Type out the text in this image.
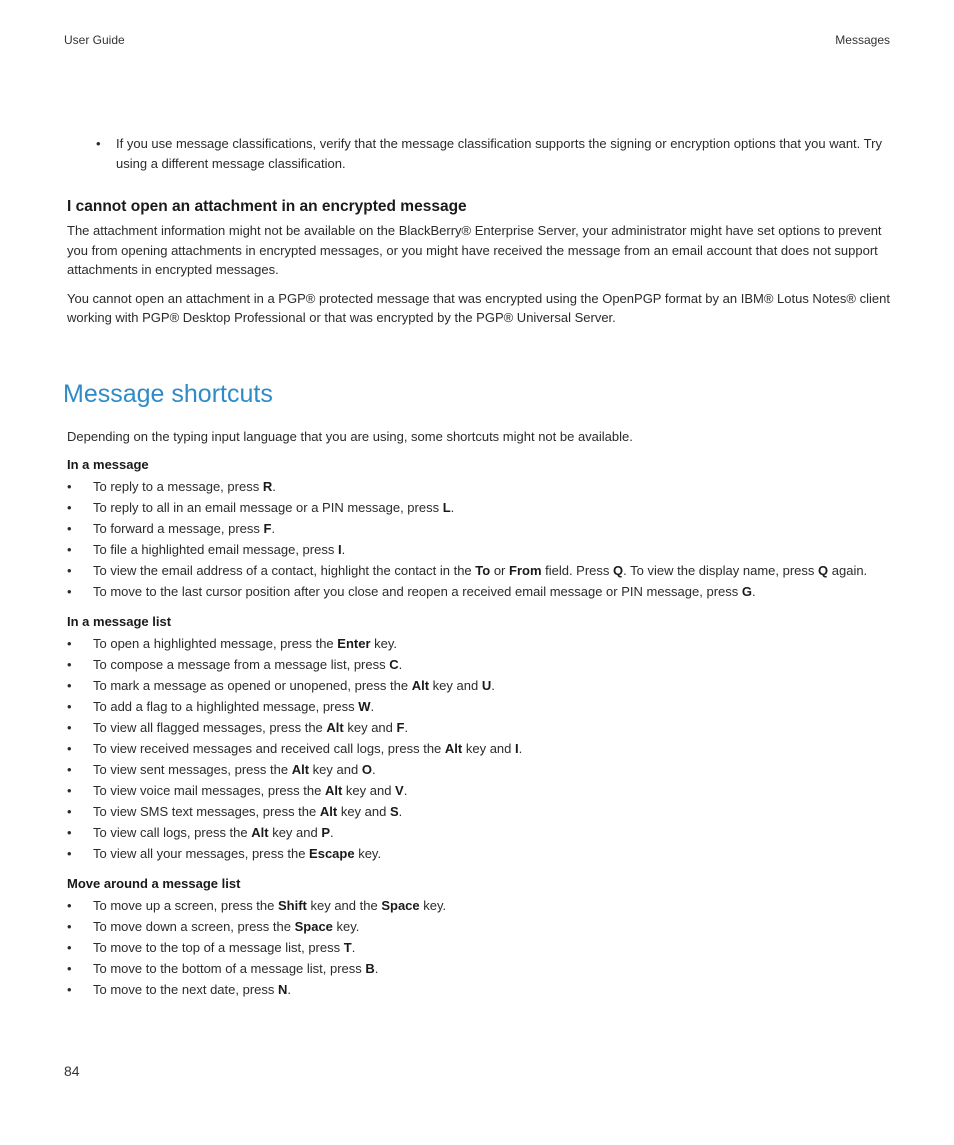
User Guide	Messages
•	If you use message classifications, verify that the message classification supports the signing or encryption options that you want. Try using a different message classification.
I cannot open an attachment in an encrypted message

The attachment information might not be available on the BlackBerry® Enterprise Server, your administrator might have set options to prevent you from opening attachments in encrypted messages, or you might have received the message from an email account that does not support attachments in encrypted messages.

You cannot open an attachment in a PGP® protected message that was encrypted using the OpenPGP format by an IBM® Lotus Notes® client working with PGP® Desktop Professional or that was encrypted by the PGP® Universal Server.

Message shortcuts

Depending on the typing input language that you are using, some shortcuts might not be available.

In a message
• To reply to a message, press R.
• To reply to all in an email message or a PIN message, press L.
• To forward a message, press F.
• To file a highlighted email message, press I.
• To view the email address of a contact, highlight the contact in the To or From field. Press Q. To view the display name, press Q again.
• To move to the last cursor position after you close and reopen a received email message or PIN message, press G.
In a message list
• To open a highlighted message, press the Enter key.
• To compose a message from a message list, press C.
• To mark a message as opened or unopened, press the Alt key and U.
• To add a flag to a highlighted message, press W.
• To view all flagged messages, press the Alt key and F.
• To view received messages and received call logs, press the Alt key and I.
• To view sent messages, press the Alt key and O.
• To view voice mail messages, press the Alt key and V.
• To view SMS text messages, press the Alt key and S.
• To view call logs, press the Alt key and P.
• To view all your messages, press the Escape key.
Move around a message list
• To move up a screen, press the Shift key and the Space key.
• To move down a screen, press the Space key.
• To move to the top of a message list, press T.
• To move to the bottom of a message list, press B.
• To move to the next date, press N.
84
